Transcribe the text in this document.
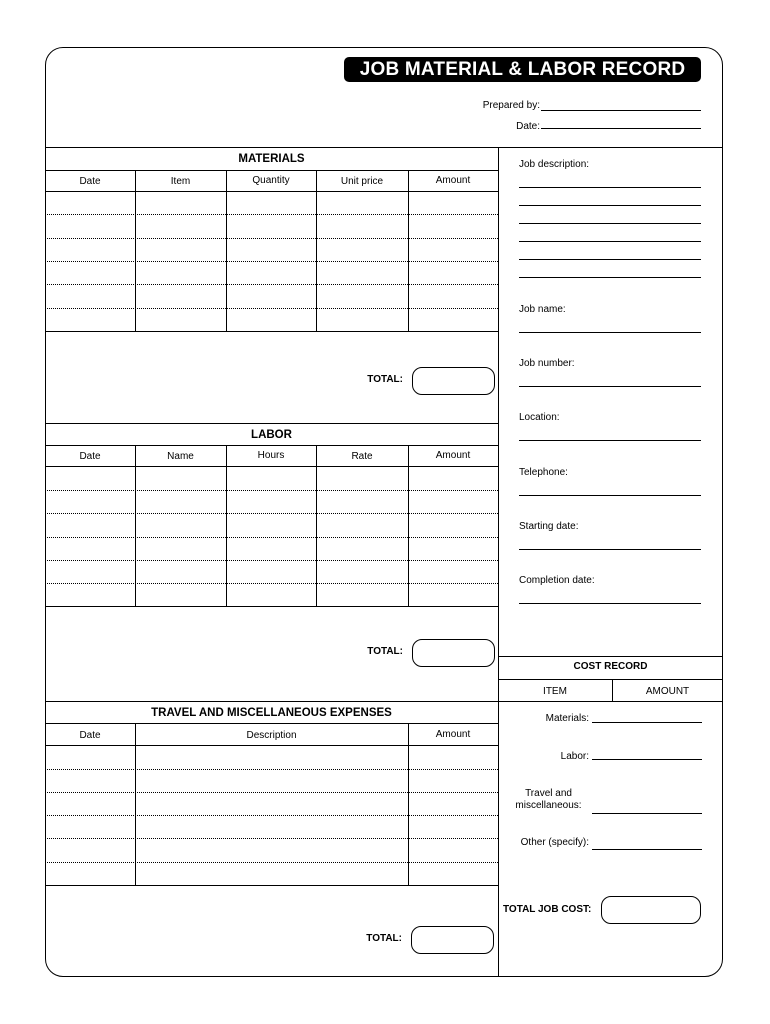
JOB MATERIAL & LABOR RECORD
Prepared by:
Date:
MATERIALS
Date	Item	Quantity	Unit price	Amount
TOTAL:
LABOR
Date	Name	Hours	Rate	Amount
TOTAL:
TRAVEL AND MISCELLANEOUS EXPENSES
Date	Description	Amount
TOTAL:
Job description:
Job name:
Job number:
Location:
Telephone:
Starting date:
Completion date:
COST RECORD
ITEM	AMOUNT
Materials:
Labor:
Travel and
miscellaneous:
Other (specify):
TOTAL JOB COST:
